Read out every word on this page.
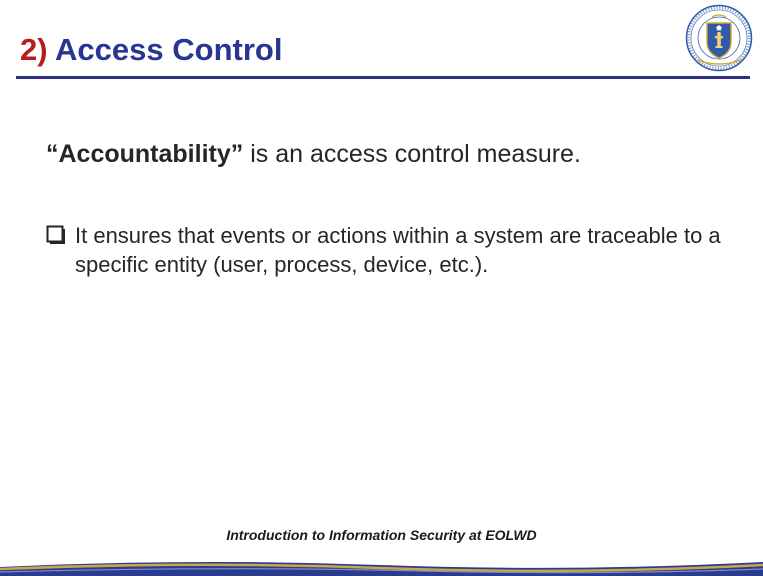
2) Access Control
“Accountability” is an access control measure.
It ensures that events or actions within a system are traceable to a specific entity (user, process, device, etc.).
Introduction to Information Security at EOLWD
